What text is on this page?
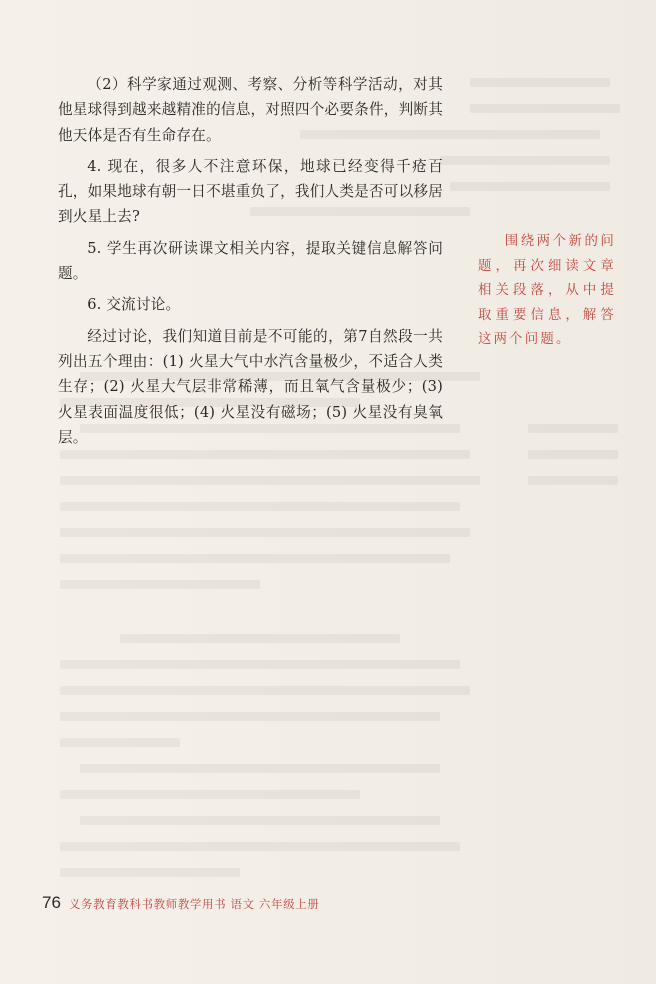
（2）科学家通过观测、考察、分析等科学活动，对其他星球得到越来越精准的信息，对照四个必要条件，判断其他天体是否有生命存在。

4. 现在，很多人不注意环保，地球已经变得千疮百孔，如果地球有朝一日不堪重负了，我们人类是否可以移居到火星上去?

5. 学生再次研读课文相关内容，提取关键信息解答问题。

6. 交流讨论。

经过讨论，我们知道目前是不可能的，第7自然段一共列出五个理由：(1) 火星大气中水汽含量极少，不适合人类生存；(2) 火星大气层非常稀薄，而且氧气含量极少；(3) 火星表面温度很低；(4) 火星没有磁场；(5) 火星没有臭氧层。

围绕两个新的问题，再次细读文章相关段落，从中提取重要信息，解答这两个问题。
76 义务教育教科书教师教学用书 语文 六年级上册
